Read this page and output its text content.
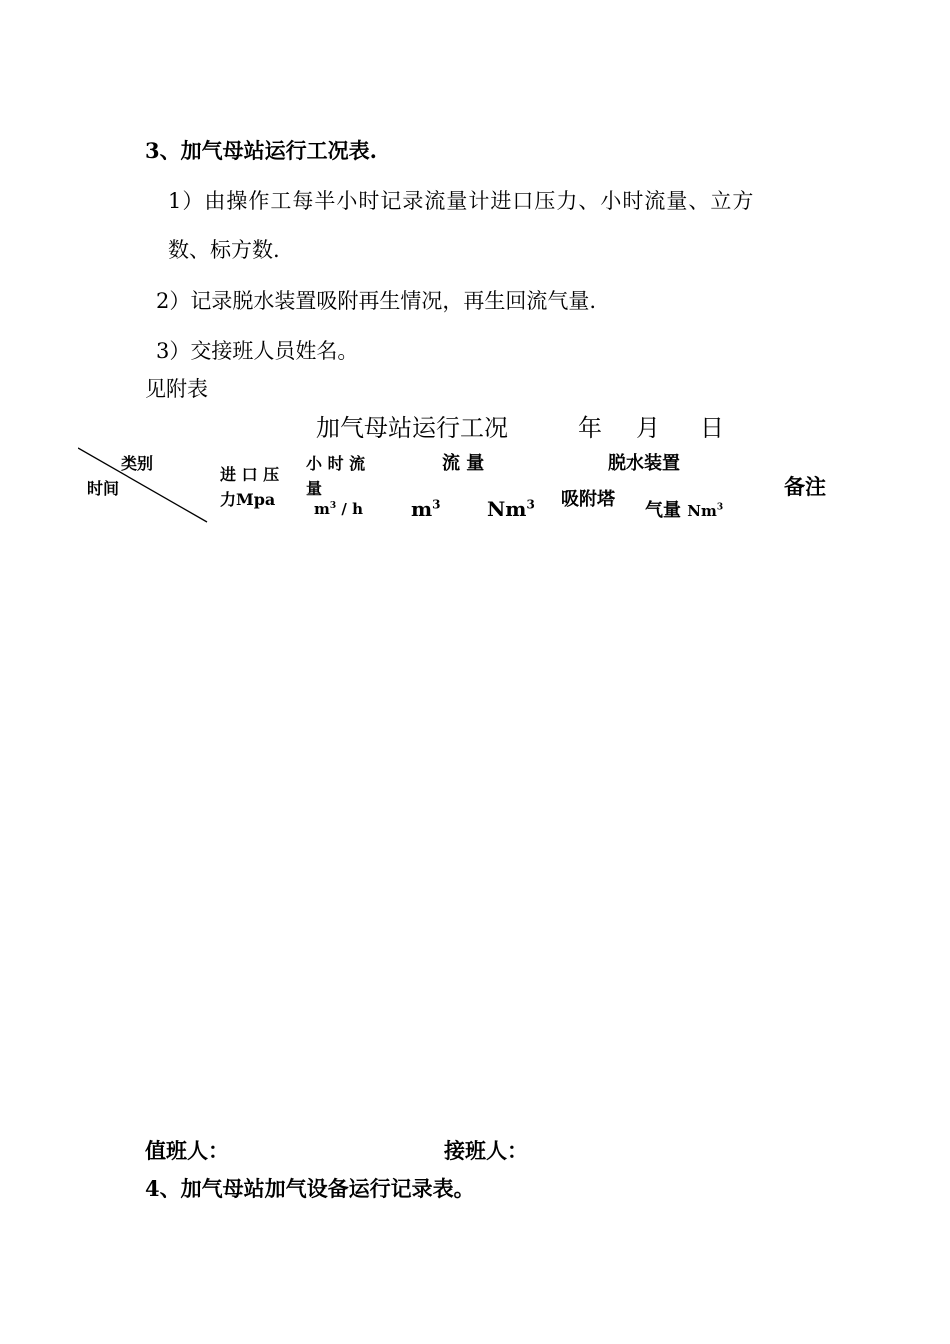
3、加气母站运行工况表.
1）由操作工每半小时记录流量计进口压力、小时流量、立方
数、标方数.
2）记录脱水装置吸附再生情况，再生回流气量.
3）交接班人员姓名。
见附表
加气母站运行工况	年 月 日
类别
时间
进 口 压
力Mpa
小 时 流
量
$m^3$ / h
流 量
$m^3$ Nm$^3$
脱水装置
吸附塔
气量 Nm$^3$
备注
值班人：	接班人：
4、加气母站加气设备运行记录表。
